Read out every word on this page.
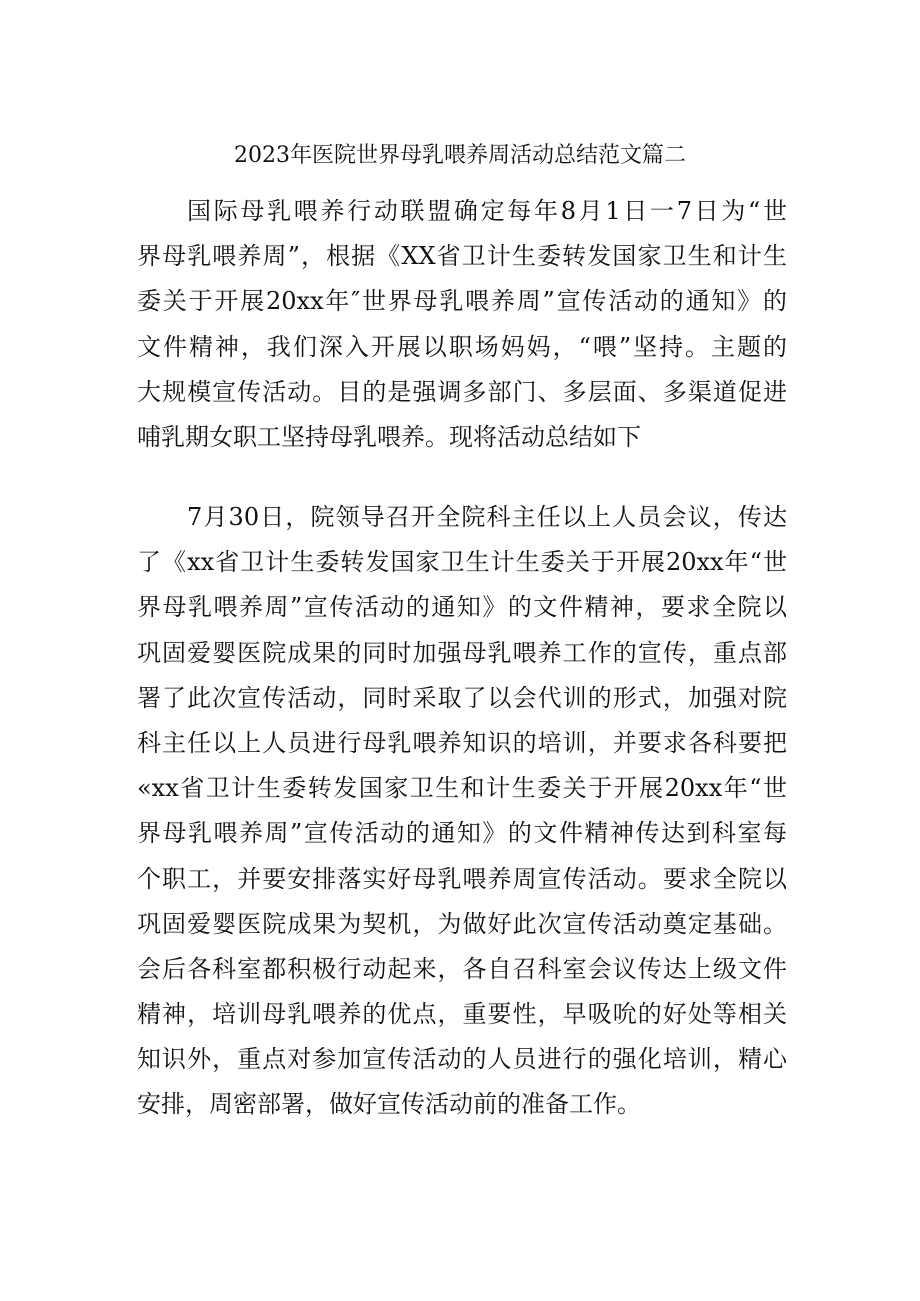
2023年医院世界母乳喂养周活动总结范文篇二
国际母乳喂养行动联盟确定每年8月1日一7日为“世
界母乳喂养周”，根据《XX省卫计生委转发国家卫生和计生
委关于开展20xx年″世界母乳喂养周”宣传活动的通知》的
文件精神，我们深入开展以职场妈妈，“喂”坚持。主题的
大规模宣传活动。目的是强调多部门、多层面、多渠道促进
哺乳期女职工坚持母乳喂养。现将活动总结如下
7月30日，院领导召开全院科主任以上人员会议，传达
了《xx省卫计生委转发国家卫生计生委关于开展20xx年“世
界母乳喂养周”宣传活动的通知》的文件精神，要求全院以
巩固爱婴医院成果的同时加强母乳喂养工作的宣传，重点部
署了此次宣传活动，同时采取了以会代训的形式，加强对院
科主任以上人员进行母乳喂养知识的培训，并要求各科要把
«xx省卫计生委转发国家卫生和计生委关于开展20xx年“世
界母乳喂养周”宣传活动的通知》的文件精神传达到科室每
个职工，并要安排落实好母乳喂养周宣传活动。要求全院以
巩固爱婴医院成果为契机，为做好此次宣传活动奠定基础。
会后各科室都积极行动起来，各自召科室会议传达上级文件
精神，培训母乳喂养的优点，重要性，早吸吮的好处等相关
知识外，重点对参加宣传活动的人员进行的强化培训，精心
安排，周密部署，做好宣传活动前的准备工作。
